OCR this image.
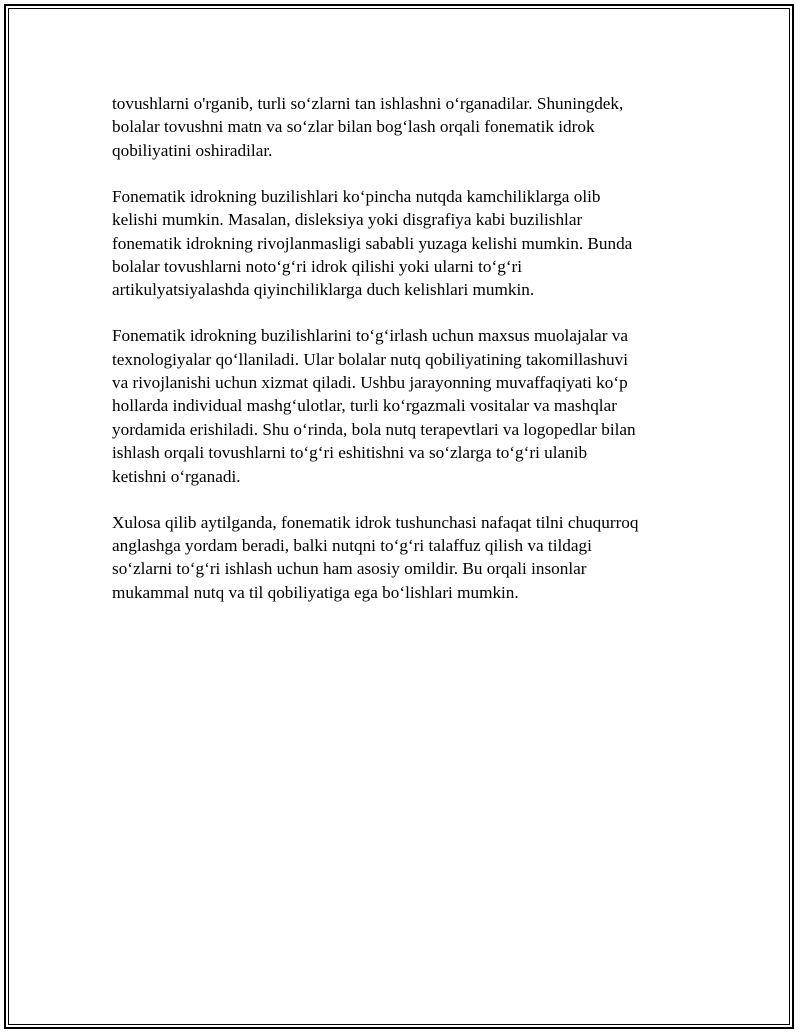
tovushlarni o'rganib, turli so‘zlarni tan ishlashni o‘rganadilar. Shuningdek,
bolalar tovushni matn va so‘zlar bilan bog‘lash orqali fonematik idrok
qobiliyatini oshiradilar.

Fonematik idrokning buzilishlari ko‘pincha nutqda kamchiliklarga olib
kelishi mumkin. Masalan, disleksiya yoki disgrafiya kabi buzilishlar
fonematik idrokning rivojlanmasligi sababli yuzaga kelishi mumkin. Bunda
bolalar tovushlarni noto‘g‘ri idrok qilishi yoki ularni to‘g‘ri
artikulyatsiyalashda qiyinchiliklarga duch kelishlari mumkin.

Fonematik idrokning buzilishlarini to‘g‘irlash uchun maxsus muolajalar va
texnologiyalar qo‘llaniladi. Ular bolalar nutq qobiliyatining takomillashuvi
va rivojlanishi uchun xizmat qiladi. Ushbu jarayonning muvaffaqiyati ko‘p
hollarda individual mashg‘ulotlar, turli ko‘rgazmali vositalar va mashqlar
yordamida erishiladi. Shu o‘rinda, bola nutq terapevtlari va logopedlar bilan
ishlash orqali tovushlarni to‘g‘ri eshitishni va so‘zlarga to‘g‘ri ulanib
ketishni o‘rganadi.

Xulosa qilib aytilganda, fonematik idrok tushunchasi nafaqat tilni chuqurroq
anglashga yordam beradi, balki nutqni to‘g‘ri talaffuz qilish va tildagi
so‘zlarni to‘g‘ri ishlash uchun ham asosiy omildir. Bu orqali insonlar
mukammal nutq va til qobiliyatiga ega bo‘lishlari mumkin.
